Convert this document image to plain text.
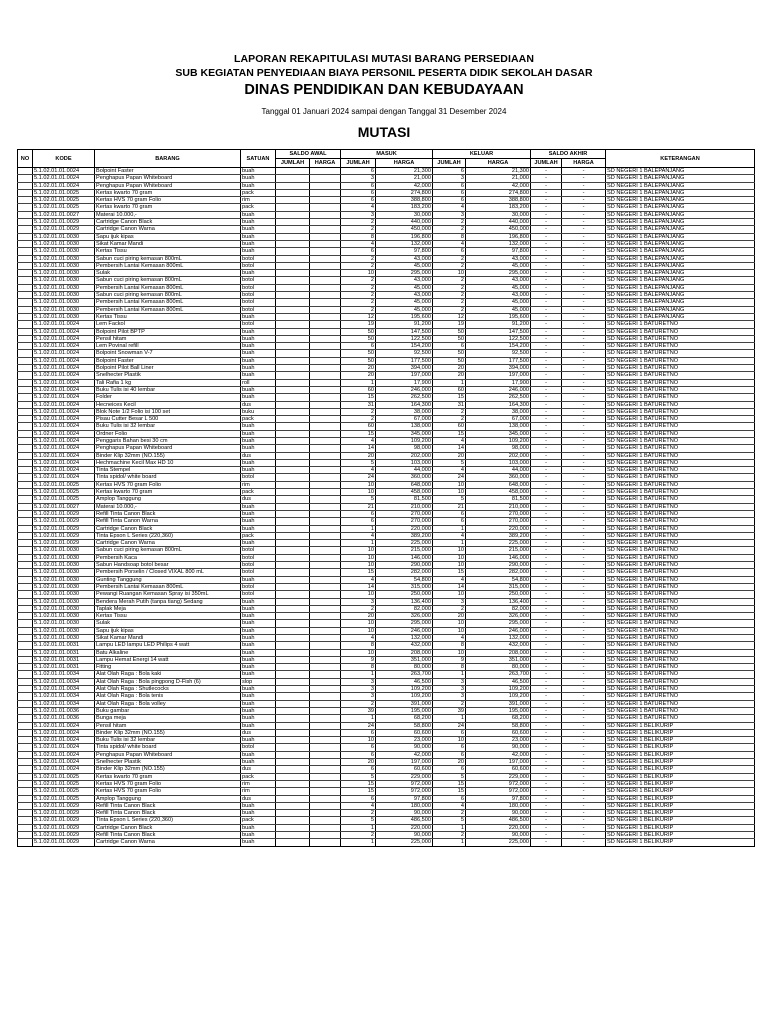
LAPORAN REKAPITULASI MUTASI BARANG PERSEDIAAN
SUB KEGIATAN PENYEDIAAN BIAYA PERSONIL PESERTA DIDIK SEKOLAH DASAR
DINAS PENDIDIKAN DAN KEBUDAYAAN
Tanggal 01 Januari 2024 sampai dengan Tanggal 31 Desember 2024
MUTASI
NO	KODE	BARANG	SATUAN	SALDO AWAL		MASUK		KELUAR		SALDO AKHIR		KETERANGAN
				JUMLAH	HARGA	JUMLAH	HARGA	JUMLAH	HARGA	JUMLAH	HARGA	
	5.1.02.01.01.0024	Bolpoint Faster	buah			6	21,300	6	21,300	-	-	SD NEGERI 1 BALEPANJANG
	5.1.02.01.01.0024	Penghapus Papan Whiteboard	buah			3	21,000	3	21,000	-	-	SD NEGERI 1 BALEPANJANG
	5.1.02.01.01.0024	Penghapus Papan Whiteboard	buah			6	42,000	6	42,000	-	-	SD NEGERI 1 BALEPANJANG
	5.1.02.01.01.0025	Kertas kwarto 70 gram	pack			6	274,800	6	274,800	-	-	SD NEGERI 1 BALEPANJANG
	5.1.02.01.01.0025	Kertas HVS 70 gram Folio	rim			6	388,800	6	388,800	-	-	SD NEGERI 1 BALEPANJANG
	5.1.02.01.01.0025	Kertas kwarto 70 gram	pack			4	183,200	4	183,200	-	-	SD NEGERI 1 BALEPANJANG
	5.1.02.01.01.0027	Materai 10.000,-	buah			3	30,000	3	30,000	-	-	SD NEGERI 1 BALEPANJANG
	5.1.02.01.01.0029	Cartridge Canon Black	buah			2	440,000	2	440,000	-	-	SD NEGERI 1 BALEPANJANG
	5.1.02.01.01.0029	Cartridge Canon Warna	buah			2	450,000	2	450,000	-	-	SD NEGERI 1 BALEPANJANG
	5.1.02.01.01.0030	Sapu ijuk kipas	buah			8	196,800	8	196,800	-	-	SD NEGERI 1 BALEPANJANG
	5.1.02.01.01.0030	Sikat Kamar Mandi	buah			4	132,000	4	132,000	-	-	SD NEGERI 1 BALEPANJANG
	5.1.02.01.01.0030	Kertas Tissu	buah			6	97,800	6	97,800	-	-	SD NEGERI 1 BALEPANJANG
	5.1.02.01.01.0030	Sabun cuci piring kemasan 800mL	botol			2	43,000	2	43,000	-	-	SD NEGERI 1 BALEPANJANG
	5.1.02.01.01.0030	Pembersih Lantai Kemasan 800mL	botol			2	45,000	2	45,000	-	-	SD NEGERI 1 BALEPANJANG
	5.1.02.01.01.0030	Sulak	buah			10	295,000	10	295,000	-	-	SD NEGERI 1 BALEPANJANG
	5.1.02.01.01.0030	Sabun cuci piring kemasan 800mL	botol			2	43,000	2	43,000	-	-	SD NEGERI 1 BALEPANJANG
	5.1.02.01.01.0030	Pembersih Lantai Kemasan 800mL	botol			2	45,000	2	45,000	-	-	SD NEGERI 1 BALEPANJANG
	5.1.02.01.01.0030	Sabun cuci piring kemasan 800mL	botol			2	43,000	2	43,000	-	-	SD NEGERI 1 BALEPANJANG
	5.1.02.01.01.0030	Pembersih Lantai Kemasan 800mL	botol			2	45,000	2	45,000	-	-	SD NEGERI 1 BALEPANJANG
	5.1.02.01.01.0030	Pembersih Lantai Kemasan 800mL	botol			2	45,000	2	45,000	-	-	SD NEGERI 1 BALEPANJANG
	5.1.02.01.01.0030	Kertas Tissu	buah			12	195,600	12	195,600	-	-	SD NEGERI 1 BALEPANJANG
	5.1.02.01.01.0024	Lem Fackol	botol			19	91,200	19	91,200	-	-	SD NEGERI 1 BATURETNO
	5.1.02.01.01.0024	Bolpoint Pilot BPTP	buah			50	147,500	50	147,500	-	-	SD NEGERI 1 BATURETNO
	5.1.02.01.01.0024	Pensil hitam	buah			50	122,500	50	122,500	-	-	SD NEGERI 1 BATURETNO
	5.1.02.01.01.0024	Lem Povinal refill	buah			6	154,200	6	154,200	-	-	SD NEGERI 1 BATURETNO
	5.1.02.01.01.0024	Bolpoint Snowman V-7	buah			50	92,500	50	92,500	-	-	SD NEGERI 1 BATURETNO
	5.1.02.01.01.0024	Bolpoint Faster	buah			50	177,500	50	177,500	-	-	SD NEGERI 1 BATURETNO
	5.1.02.01.01.0024	Bolpoint Pilot Ball Liner	buah			20	394,000	20	394,000	-	-	SD NEGERI 1 BATURETNO
	5.1.02.01.01.0024	Snelhecter Plastik	buah			20	197,000	20	197,000	-	-	SD NEGERI 1 BATURETNO
	5.1.02.01.01.0024	Tali Rafia 1 kg	roll			1	17,900	1	17,900	-	-	SD NEGERI 1 BATURETNO
	5.1.02.01.01.0024	Buku Tulis isi 40 lembar	buah			60	246,000	60	246,000	-	-	SD NEGERI 1 BATURETNO
	5.1.02.01.01.0024	Folder	buah			15	262,500	15	262,500	-	-	SD NEGERI 1 BATURETNO
	5.1.02.01.01.0024	Hecneices Kecil	dus			31	164,300	31	164,300	-	-	SD NEGERI 1 BATURETNO
	5.1.02.01.01.0024	Blok Note 1/2 Folio isi 100 set	buku			2	38,000	2	38,000	-	-	SD NEGERI 1 BATURETNO
	5.1.02.01.01.0024	Pisau Cutter Besar L 500	pack			2	67,000	2	67,000	-	-	SD NEGERI 1 BATURETNO
	5.1.02.01.01.0024	Buku Tulis isi 32 lembar	buah			60	138,000	60	138,000	-	-	SD NEGERI 1 BATURETNO
	5.1.02.01.01.0024	Ordner Folio	buah			15	345,000	15	345,000	-	-	SD NEGERI 1 BATURETNO
	5.1.02.01.01.0024	Penggaris Bahan besi 30 cm	buah			4	109,200	4	109,200	-	-	SD NEGERI 1 BATURETNO
	5.1.02.01.01.0024	Penghapus Papan Whiteboard	buah			14	98,000	14	98,000	-	-	SD NEGERI 1 BATURETNO
	5.1.02.01.01.0024	Binder Klip 32mm (NO.155)	dus			20	202,000	20	202,000	-	-	SD NEGERI 1 BATURETNO
	5.1.02.01.01.0024	Hechmachine Kecil Max HD 10	buah			5	103,000	5	103,000	-	-	SD NEGERI 1 BATURETNO
	5.1.02.01.01.0024	Tinta Stempel	buah			4	44,000	4	44,000	-	-	SD NEGERI 1 BATURETNO
	5.1.02.01.01.0024	Tinta spidol/ white board	botol			24	360,000	24	360,000	-	-	SD NEGERI 1 BATURETNO
	5.1.02.01.01.0025	Kertas HVS 70 gram Folio	rim			10	648,000	10	648,000	-	-	SD NEGERI 1 BATURETNO
	5.1.02.01.01.0025	Kertas kwarto 70 gram	pack			10	458,000	10	458,000	-	-	SD NEGERI 1 BATURETNO
	5.1.02.01.01.0025	Amplop Tanggung	dus			5	81,500	5	81,500	-	-	SD NEGERI 1 BATURETNO
	5.1.02.01.01.0027	Materai 10.000,-	buah			21	210,000	21	210,000	-	-	SD NEGERI 1 BATURETNO
	5.1.02.01.01.0029	Refill Tinta Canon Black	buah			6	270,000	6	270,000	-	-	SD NEGERI 1 BATURETNO
	5.1.02.01.01.0029	Refill Tinta Canon Warna	buah			6	270,000	6	270,000	-	-	SD NEGERI 1 BATURETNO
	5.1.02.01.01.0029	Cartridge Canon Black	buah			1	220,000	1	220,000	-	-	SD NEGERI 1 BATURETNO
	5.1.02.01.01.0029	Tinta Epson L Series (220,360)	pack			4	389,200	4	389,200	-	-	SD NEGERI 1 BATURETNO
	5.1.02.01.01.0029	Cartridge Canon Warna	buah			1	225,000	1	225,000	-	-	SD NEGERI 1 BATURETNO
	5.1.02.01.01.0030	Sabun cuci piring kemasan 800mL	botol			10	215,000	10	215,000	-	-	SD NEGERI 1 BATURETNO
	5.1.02.01.01.0030	Pembersih Kaca	botol			10	146,000	10	146,000	-	-	SD NEGERI 1 BATURETNO
	5.1.02.01.01.0030	Sabun Handsoap botol besar	botol			10	290,000	10	290,000	-	-	SD NEGERI 1 BATURETNO
	5.1.02.01.01.0030	Pembersih Porselin / Closed VIXAL 800 mL	botol			15	282,000	15	282,000	-	-	SD NEGERI 1 BATURETNO
	5.1.02.01.01.0030	Gunting Tanggung	buah			4	54,800	4	54,800	-	-	SD NEGERI 1 BATURETNO
	5.1.02.01.01.0030	Pembersih Lantai Kemasan 800mL	botol			14	315,000	14	315,000	-	-	SD NEGERI 1 BATURETNO
	5.1.02.01.01.0030	Pewangi Ruangan Kemasan Spray isi 350mL	botol			10	250,000	10	250,000	-	-	SD NEGERI 1 BATURETNO
	5.1.02.01.01.0030	Bendera Merah Putih (tanpa tiang) Sedang	buah			3	136,400	3	136,400	-	-	SD NEGERI 1 BATURETNO
	5.1.02.01.01.0030	Taplak Meja	buah			2	82,000	2	82,000	-	-	SD NEGERI 1 BATURETNO
	5.1.02.01.01.0030	Kertas Tissu	buah			20	326,000	20	326,000	-	-	SD NEGERI 1 BATURETNO
	5.1.02.01.01.0030	Sulak	buah			10	295,000	10	295,000	-	-	SD NEGERI 1 BATURETNO
	5.1.02.01.01.0030	Sapu ijuk kipas	buah			10	246,000	10	246,000	-	-	SD NEGERI 1 BATURETNO
	5.1.02.01.01.0030	Sikat Kamar Mandi	buah			4	132,000	4	132,000	-	-	SD NEGERI 1 BATURETNO
	5.1.02.01.01.0031	Lampu LED lampu LED Philips 4 watt	buah			8	432,000	8	432,000	-	-	SD NEGERI 1 BATURETNO
	5.1.02.01.01.0031	Batu Alkaline	buah			10	208,000	10	208,000	-	-	SD NEGERI 1 BATURETNO
	5.1.02.01.01.0031	Lampu Hemat Energi 14 watt	buah			9	351,000	9	351,000	-	-	SD NEGERI 1 BATURETNO
	5.1.02.01.01.0031	Fitting	buah			8	80,000	8	80,000	-	-	SD NEGERI 1 BATURETNO
	5.1.02.01.01.0034	Alat Olah Raga : Bola kaki	buah			1	263,700	1	263,700	-	-	SD NEGERI 1 BATURETNO
	5.1.02.01.01.0034	Alat Olah Raga : Bola pingpong D-Fish (6)	slop			3	46,500	3	46,500	-	-	SD NEGERI 1 BATURETNO
	5.1.02.01.01.0034	Alat Olah Raga : Shutlecocks	buah			3	109,200	3	109,200	-	-	SD NEGERI 1 BATURETNO
	5.1.02.01.01.0034	Alat Olah Raga : Bola tenis	buah			3	109,200	3	109,200	-	-	SD NEGERI 1 BATURETNO
	5.1.02.01.01.0034	Alat Olah Raga : Bola volley	buah			2	391,000	2	391,000	-	-	SD NEGERI 1 BATURETNO
	5.1.02.01.01.0036	Buku gambar	buah			39	195,000	39	195,000	-	-	SD NEGERI 1 BATURETNO
	5.1.02.01.01.0036	Bunga meja	buah			1	68,200	1	68,200	-	-	SD NEGERI 1 BATURETNO
	5.1.02.01.01.0024	Pensil hitam	buah			24	58,800	24	58,800	-	-	SD NEGERI 1 BELIKURIP
	5.1.02.01.01.0024	Binder Klip 32mm (NO.155)	dus			6	60,600	6	60,600	-	-	SD NEGERI 1 BELIKURIP
	5.1.02.01.01.0024	Buku Tulis isi 32 lembar	buah			10	23,000	10	23,000	-	-	SD NEGERI 1 BELIKURIP
	5.1.02.01.01.0024	Tinta spidol/ white board	botol			6	90,000	6	90,000	-	-	SD NEGERI 1 BELIKURIP
	5.1.02.01.01.0024	Penghapus Papan Whiteboard	buah			6	42,000	6	42,000	-	-	SD NEGERI 1 BELIKURIP
	5.1.02.01.01.0024	Snelhecter Plastik	buah			20	197,000	20	197,000	-	-	SD NEGERI 1 BELIKURIP
	5.1.02.01.01.0024	Binder Klip 32mm (NO.155)	dus			6	60,600	6	60,600	-	-	SD NEGERI 1 BELIKURIP
	5.1.02.01.01.0025	Kertas kwarto 70 gram	pack			5	229,000	5	229,000	-	-	SD NEGERI 1 BELIKURIP
	5.1.02.01.01.0025	Kertas HVS 70 gram Folio	rim			15	972,000	15	972,000	-	-	SD NEGERI 1 BELIKURIP
	5.1.02.01.01.0025	Kertas HVS 70 gram Folio	rim			15	972,000	15	972,000	-	-	SD NEGERI 1 BELIKURIP
	5.1.02.01.01.0025	Amplop Tanggung	dus			6	97,800	6	97,800	-	-	SD NEGERI 1 BELIKURIP
	5.1.02.01.01.0029	Refill Tinta Canon Black	buah			4	180,000	4	180,000	-	-	SD NEGERI 1 BELIKURIP
	5.1.02.01.01.0029	Refill Tinta Canon Black	buah			2	90,000	2	90,000	-	-	SD NEGERI 1 BELIKURIP
	5.1.02.01.01.0029	Tinta Epson L Series (220,360)	pack			5	486,500	5	486,500	-	-	SD NEGERI 1 BELIKURIP
	5.1.02.01.01.0029	Cartridge Canon Black	buah			1	220,000	1	220,000	-	-	SD NEGERI 1 BELIKURIP
	5.1.02.01.01.0029	Refill Tinta Canon Black	buah			2	90,000	2	90,000	-	-	SD NEGERI 1 BELIKURIP
	5.1.02.01.01.0029	Cartridge Canon Warna	buah			1	225,000	1	225,000	-	-	SD NEGERI 1 BELIKURIP
